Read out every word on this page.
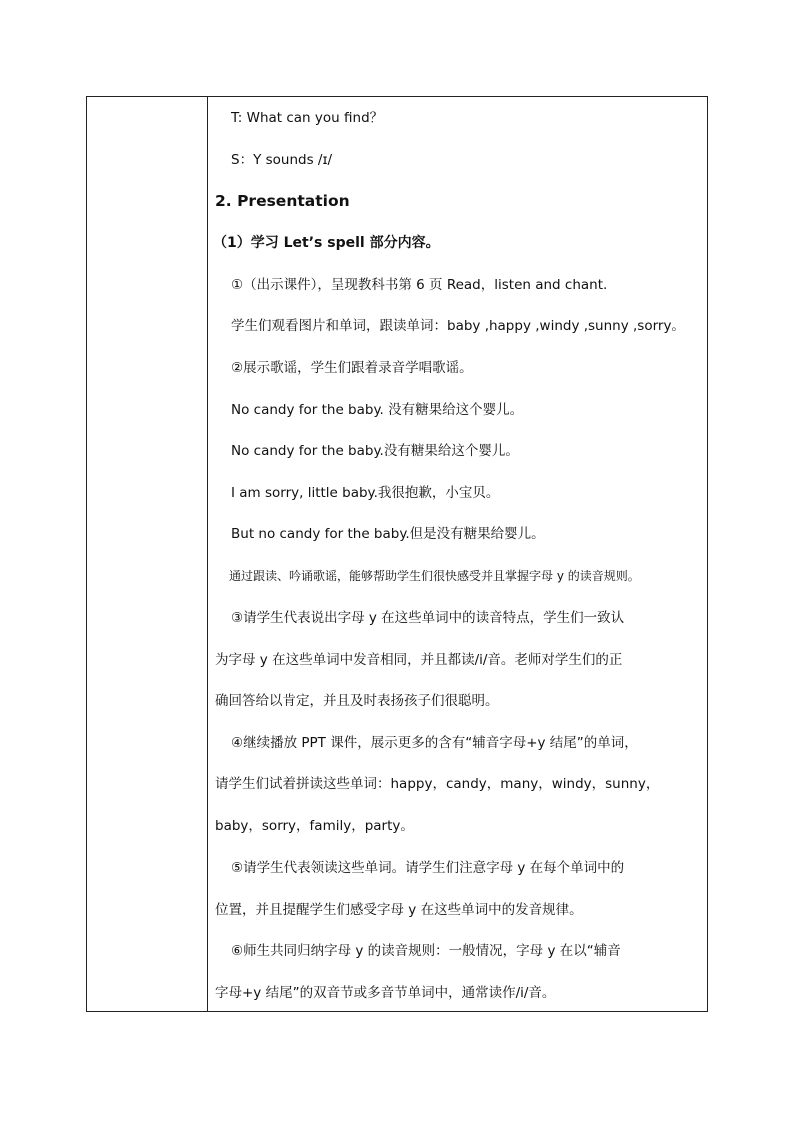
T: What can you find？
S：Y sounds /ɪ/
2. Presentation
（1）学习 Let’s spell 部分内容。
①（出示课件），呈现教科书第 6 页 Read，listen and chant.
学生们观看图片和单词，跟读单词：baby ,happy ,windy ,sunny ,sorry。
②展示歌谣，学生们跟着录音学唱歌谣。
No candy for the baby. 没有糖果给这个婴儿。
No candy for the baby.没有糖果给这个婴儿。
I am sorry, little baby.我很抱歉，小宝贝。
But no candy for the baby.但是没有糖果给婴儿。
通过跟读、吟诵歌谣，能够帮助学生们很快感受并且掌握字母 y 的读音规则。
③请学生代表说出字母 y 在这些单词中的读音特点，学生们一致认
为字母 y 在这些单词中发音相同，并且都读/i/音。老师对学生们的正
确回答给以肯定，并且及时表扬孩子们很聪明。
④继续播放 PPT 课件，展示更多的含有“辅音字母+y 结尾”的单词，
请学生们试着拼读这些单词：happy，candy，many，windy，sunny，
baby，sorry，family，party。
⑤请学生代表领读这些单词。请学生们注意字母 y 在每个单词中的
位置，并且提醒学生们感受字母 y 在这些单词中的发音规律。
⑥师生共同归纳字母 y 的读音规则：一般情况，字母 y 在以“辅音
字母+y 结尾”的双音节或多音节单词中，通常读作/i/音。
